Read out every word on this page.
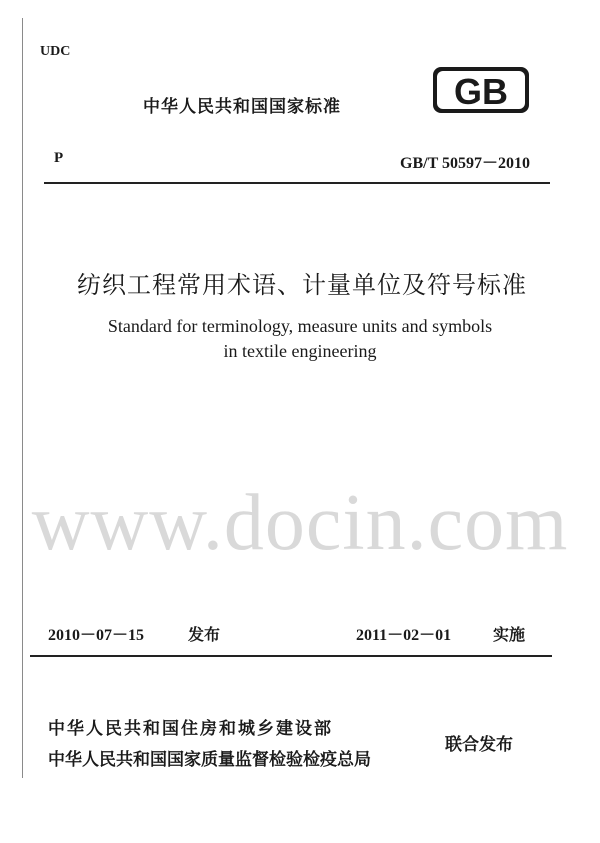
UDC
中华人民共和国国家标准	GB
P	GB/T 50597－2010
纺织工程常用术语、计量单位及符号标准
Standard for terminology, measure units and symbols
in textile engineering
www.docin.com
2010－07－15	发布	2011－02－01	实施
中华人民共和国住房和城乡建设部
中华人民共和国国家质量监督检验检疫总局
联合发布
